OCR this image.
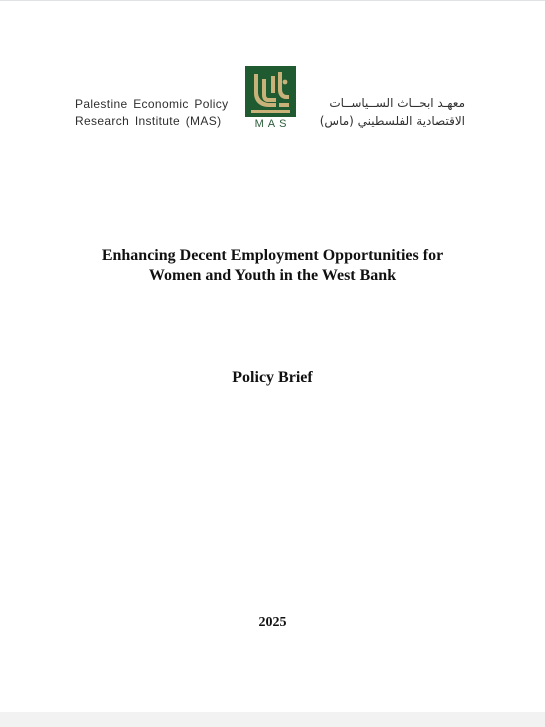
Palestine Economic Policy
Research Institute (MAS)	MAS
معهـد ابحــاث الســياســات
الاقتصادية الفلسطيني (ماس)
Enhancing Decent Employment Opportunities for
Women and Youth in the West Bank
Policy Brief
2025
